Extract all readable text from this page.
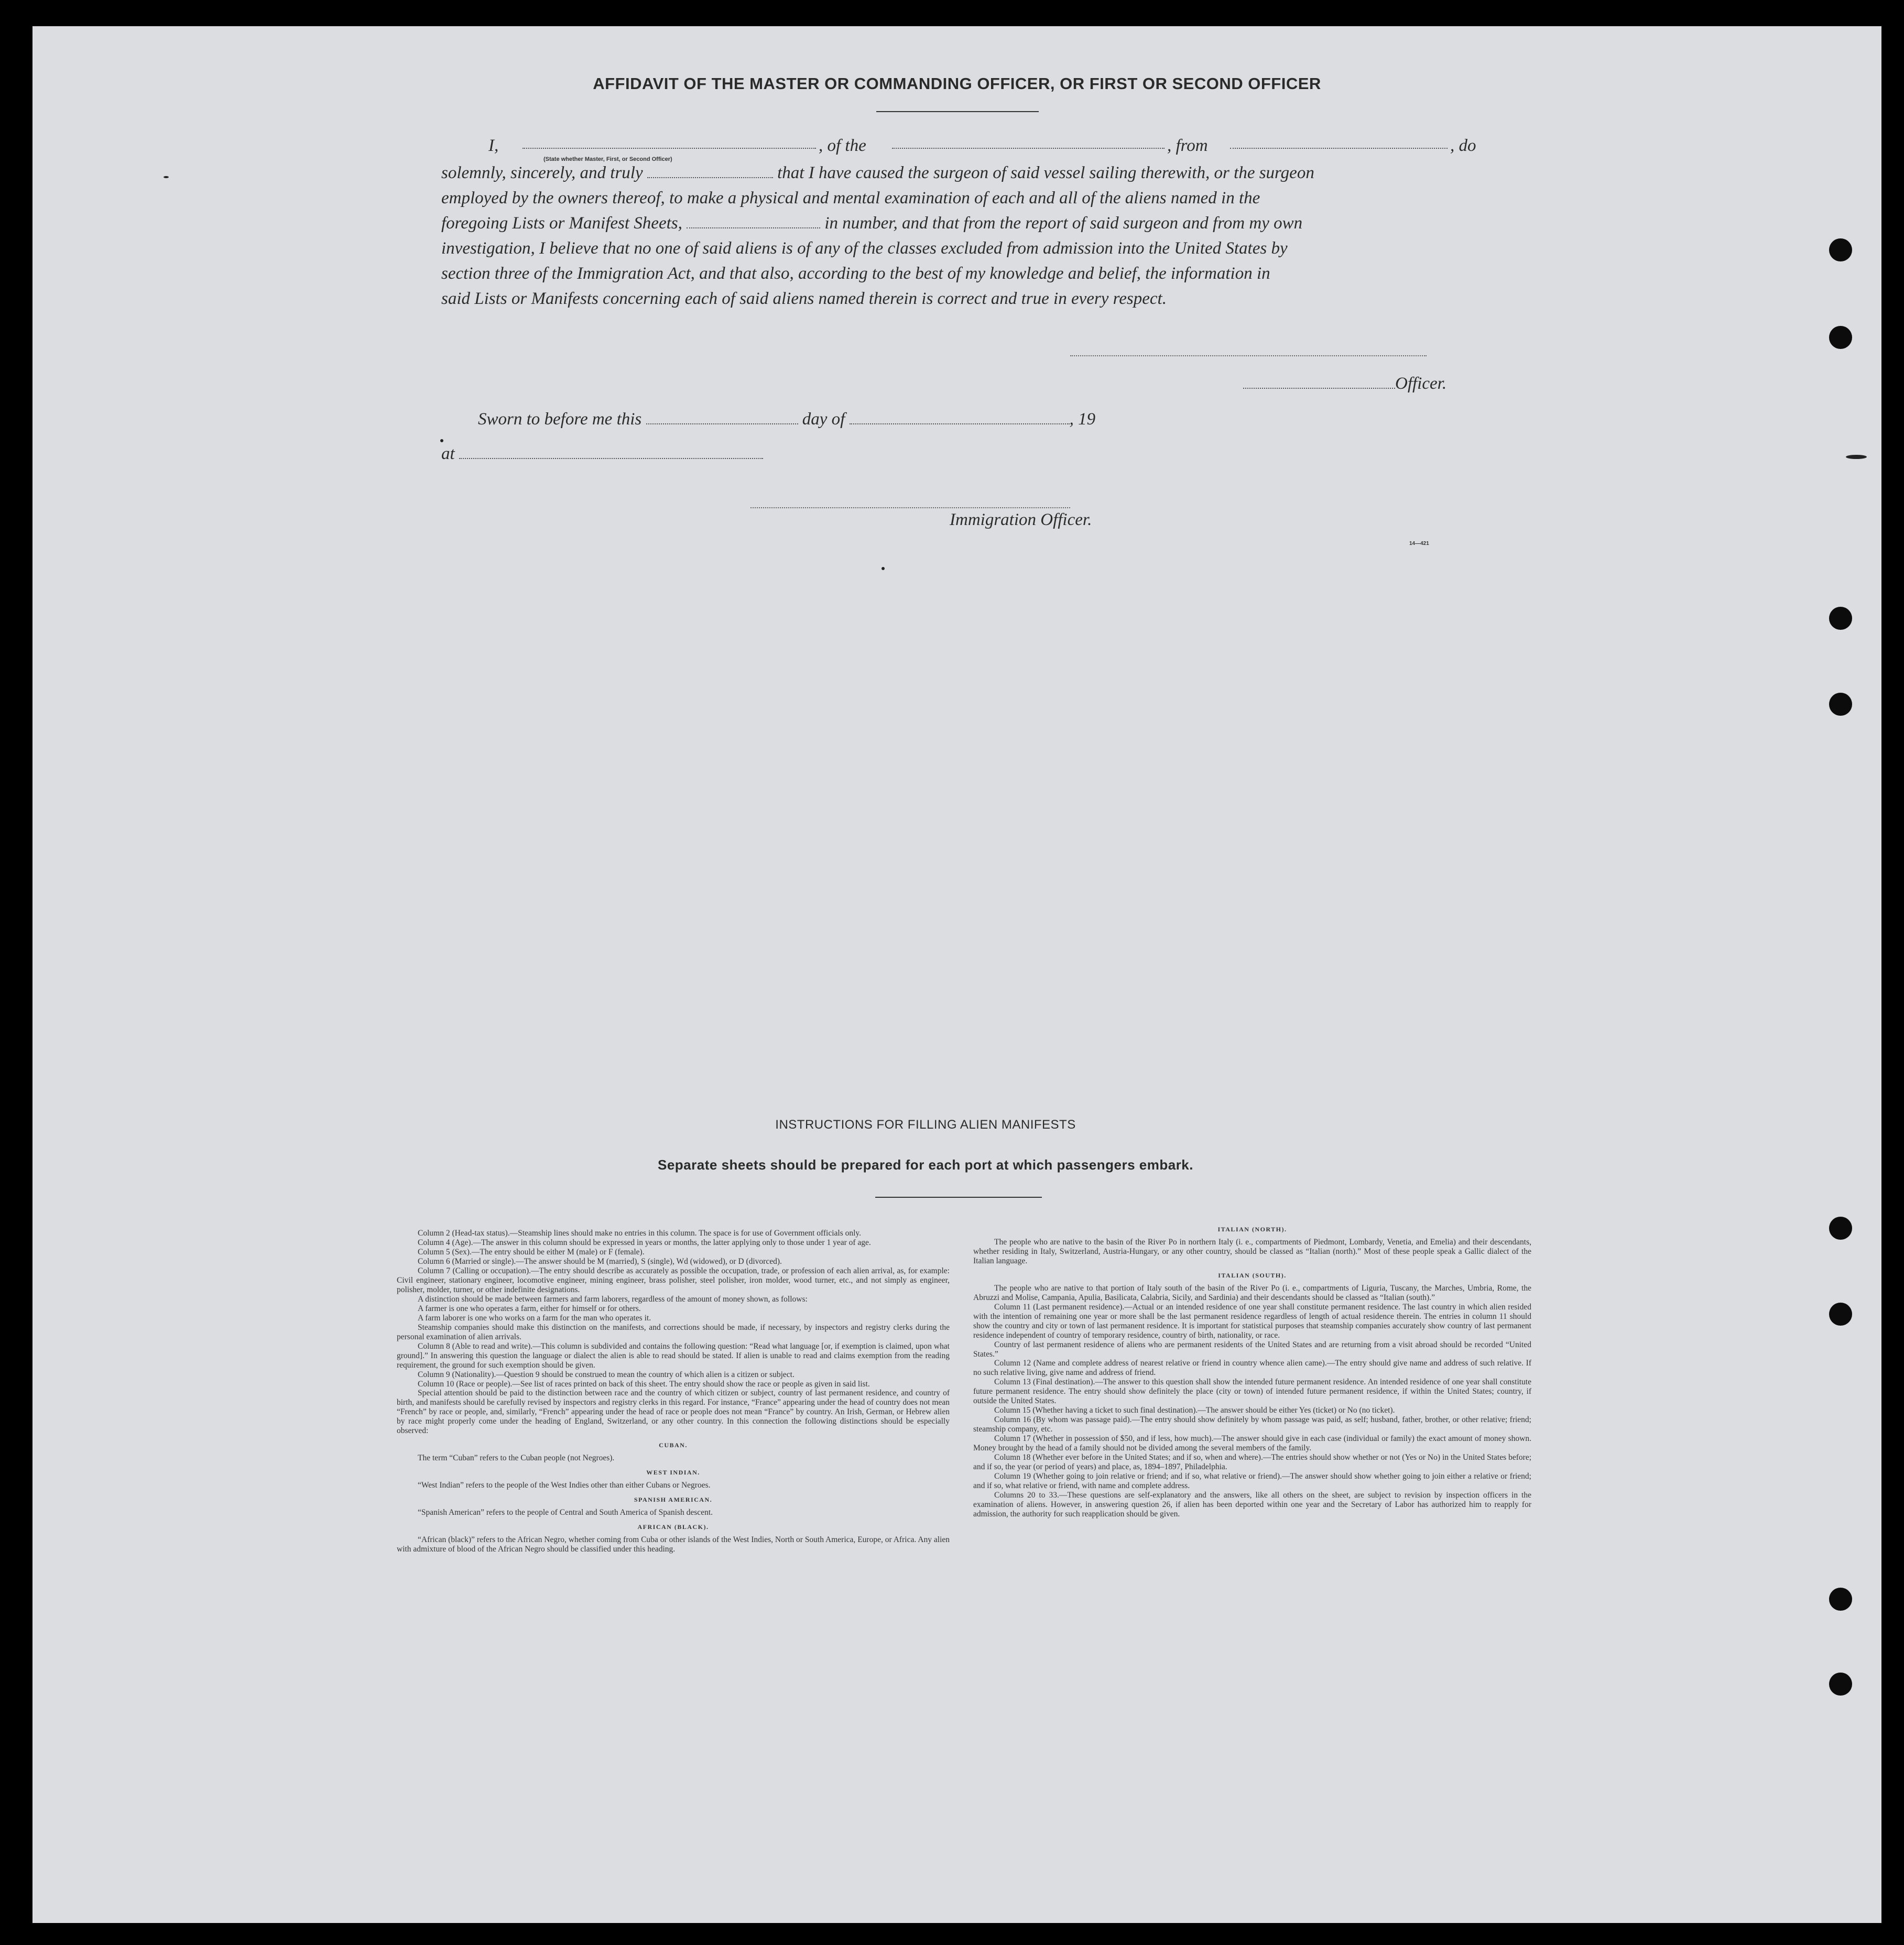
AFFIDAVIT OF THE MASTER OR COMMANDING OFFICER, OR FIRST OR SECOND OFFICER
I,	, of the	, from	, do
(State whether Master, First, or Second Officer)
solemnly, sincerely, and truly	that I have caused the surgeon of said vessel sailing therewith, or the surgeon
employed by the owners thereof, to make a physical and mental examination of each and all of the aliens named in the
foregoing Lists or Manifest Sheets,	in number, and that from the report of said surgeon and from my own
investigation, I believe that no one of said aliens is of any of the classes excluded from admission into the United States by
section three of the Immigration Act, and that also, according to the best of my knowledge and belief, the information in
said Lists or Manifests concerning each of said aliens named therein is correct and true in every respect.
Officer.
Sworn to before me this	day of	, 19
at
Immigration Officer.
14—421
INSTRUCTIONS FOR FILLING ALIEN MANIFESTS
Separate sheets should be prepared for each port at which passengers embark.

Column 2 (Head-tax status).—Steamship lines should make no entries in this column. The space is for use of Government officials only.

Column 4 (Age).—The answer in this column should be expressed in years or months, the latter applying only to those under 1 year of age.

Column 5 (Sex).—The entry should be either M (male) or F (female).

Column 6 (Married or single).—The answer should be M (married), S (single), Wd (widowed), or D (divorced).

Column 7 (Calling or occupation).—The entry should describe as accurately as possible the occupation, trade, or profession of each alien arrival, as, for example: Civil engineer, stationary engineer, locomotive engineer, mining engineer, brass polisher, steel polisher, iron molder, wood turner, etc., and not simply as engineer, polisher, molder, turner, or other indefinite designations.

A distinction should be made between farmers and farm laborers, regardless of the amount of money shown, as follows:

A farmer is one who operates a farm, either for himself or for others.

A farm laborer is one who works on a farm for the man who operates it.

Steamship companies should make this distinction on the manifests, and corrections should be made, if necessary, by inspectors and registry clerks during the personal examination of alien arrivals.

Column 8 (Able to read and write).—This column is subdivided and contains the following question: “Read what language [or, if exemption is claimed, upon what ground].” In answering this question the language or dialect the alien is able to read should be stated. If alien is unable to read and claims exemption from the reading requirement, the ground for such exemption should be given.

Column 9 (Nationality).—Question 9 should be construed to mean the country of which alien is a citizen or subject.

Column 10 (Race or people).—See list of races printed on back of this sheet. The entry should show the race or people as given in said list.

Special attention should be paid to the distinction between race and the country of which citizen or subject, country of last permanent residence, and country of birth, and manifests should be carefully revised by inspectors and registry clerks in this regard. For instance, “France” appearing under the head of country does not mean “French” by race or people, and, similarly, “French” appearing under the head of race or people does not mean “France” by country. An Irish, German, or Hebrew alien by race might properly come under the heading of England, Switzerland, or any other country. In this connection the following distinctions should be especially observed:

CUBAN.

The term “Cuban” refers to the Cuban people (not Negroes).

WEST INDIAN.

“West Indian” refers to the people of the West Indies other than either Cubans or Negroes.

SPANISH AMERICAN.

“Spanish American” refers to the people of Central and South America of Spanish descent.

AFRICAN (BLACK).

“African (black)” refers to the African Negro, whether coming from Cuba or other islands of the West Indies, North or South America, Europe, or Africa. Any alien with admixture of blood of the African Negro should be classified under this heading.

ITALIAN (NORTH).

The people who are native to the basin of the River Po in northern Italy (i. e., compartments of Piedmont, Lombardy, Venetia, and Emelia) and their descendants, whether residing in Italy, Switzerland, Austria-Hungary, or any other country, should be classed as “Italian (north).” Most of these people speak a Gallic dialect of the Italian language.

ITALIAN (SOUTH).

The people who are native to that portion of Italy south of the basin of the River Po (i. e., compartments of Liguria, Tuscany, the Marches, Umbria, Rome, the Abruzzi and Molise, Campania, Apulia, Basilicata, Calabria, Sicily, and Sardinia) and their descendants should be classed as “Italian (south).”

Column 11 (Last permanent residence).—Actual or an intended residence of one year shall constitute permanent residence. The last country in which alien resided with the intention of remaining one year or more shall be the last permanent residence regardless of length of actual residence therein. The entries in column 11 should show the country and city or town of last permanent residence. It is important for statistical purposes that steamship companies accurately show country of last permanent residence independent of country of temporary residence, country of birth, nationality, or race.

Country of last permanent residence of aliens who are permanent residents of the United States and are returning from a visit abroad should be recorded “United States.”

Column 12 (Name and complete address of nearest relative or friend in country whence alien came).—The entry should give name and address of such relative. If no such relative living, give name and address of friend.

Column 13 (Final destination).—The answer to this question shall show the intended future permanent residence. An intended residence of one year shall constitute future permanent residence. The entry should show definitely the place (city or town) of intended future permanent residence, if within the United States; country, if outside the United States.

Column 15 (Whether having a ticket to such final destination).—The answer should be either Yes (ticket) or No (no ticket).

Column 16 (By whom was passage paid).—The entry should show definitely by whom passage was paid, as self; husband, father, brother, or other relative; friend; steamship company, etc.

Column 17 (Whether in possession of $50, and if less, how much).—The answer should give in each case (individual or family) the exact amount of money shown. Money brought by the head of a family should not be divided among the several members of the family.

Column 18 (Whether ever before in the United States; and if so, when and where).—The entries should show whether or not (Yes or No) in the United States before; and if so, the year (or period of years) and place, as, 1894–1897, Philadelphia.

Column 19 (Whether going to join relative or friend; and if so, what relative or friend).—The answer should show whether going to join either a relative or friend; and if so, what relative or friend, with name and complete address.

Columns 20 to 33.—These questions are self-explanatory and the answers, like all others on the sheet, are subject to revision by inspection officers in the examination of aliens. However, in answering question 26, if alien has been deported within one year and the Secretary of Labor has authorized him to reapply for admission, the authority for such reapplication should be given.
